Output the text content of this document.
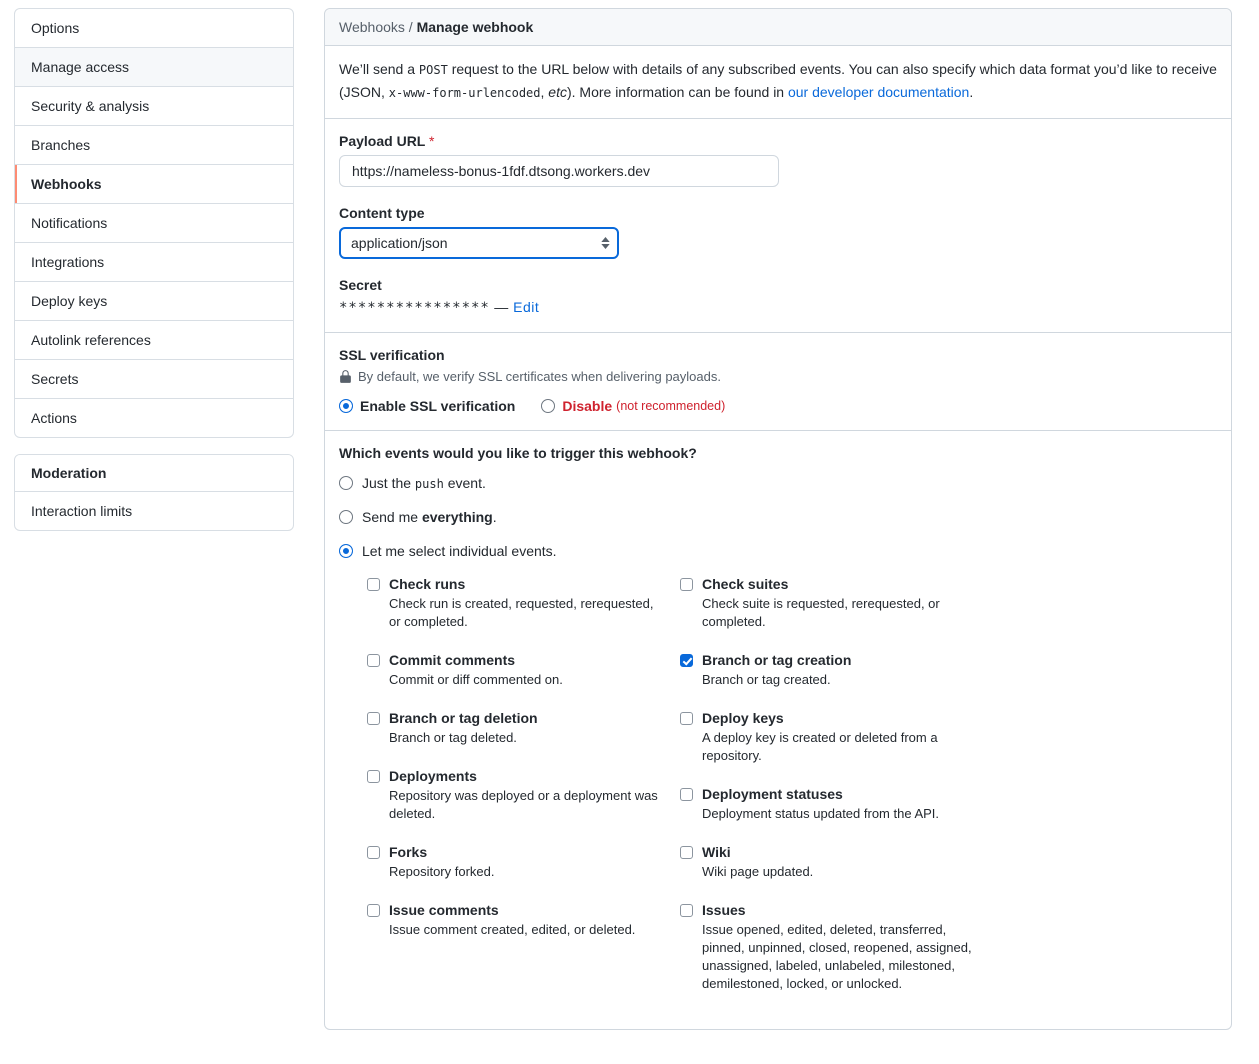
Options
Manage access
Security & analysis
Branches
Webhooks
Notifications
Integrations
Deploy keys
Autolink references
Secrets
Actions
Moderation
Interaction limits
Webhooks / Manage webhook
We’ll send a POST request to the URL below with details of any subscribed events. You can also specify which data format you’d like to receive (JSON, x-www-form-urlencoded, etc). More information can be found in our developer documentation.
Payload URL *
https://nameless-bonus-1fdf.dtsong.workers.dev
Content type
application/json
Secret
**************** — Edit
SSL verification
By default, we verify SSL certificates when delivering payloads.
Enable SSL verification	Disable (not recommended)
Which events would you like to trigger this webhook?
Just the push event.
Send me everything.
Let me select individual events.
Check runs
Check run is created, requested, rerequested, or completed.
Commit comments
Commit or diff commented on.
Branch or tag deletion
Branch or tag deleted.
Deployments
Repository was deployed or a deployment was deleted.
Forks
Repository forked.
Issue comments
Issue comment created, edited, or deleted.
Check suites
Check suite is requested, rerequested, or completed.
Branch or tag creation
Branch or tag created.
Deploy keys
A deploy key is created or deleted from a repository.
Deployment statuses
Deployment status updated from the API.
Wiki
Wiki page updated.
Issues
Issue opened, edited, deleted, transferred, pinned, unpinned, closed, reopened, assigned, unassigned, labeled, unlabeled, milestoned, demilestoned, locked, or unlocked.
